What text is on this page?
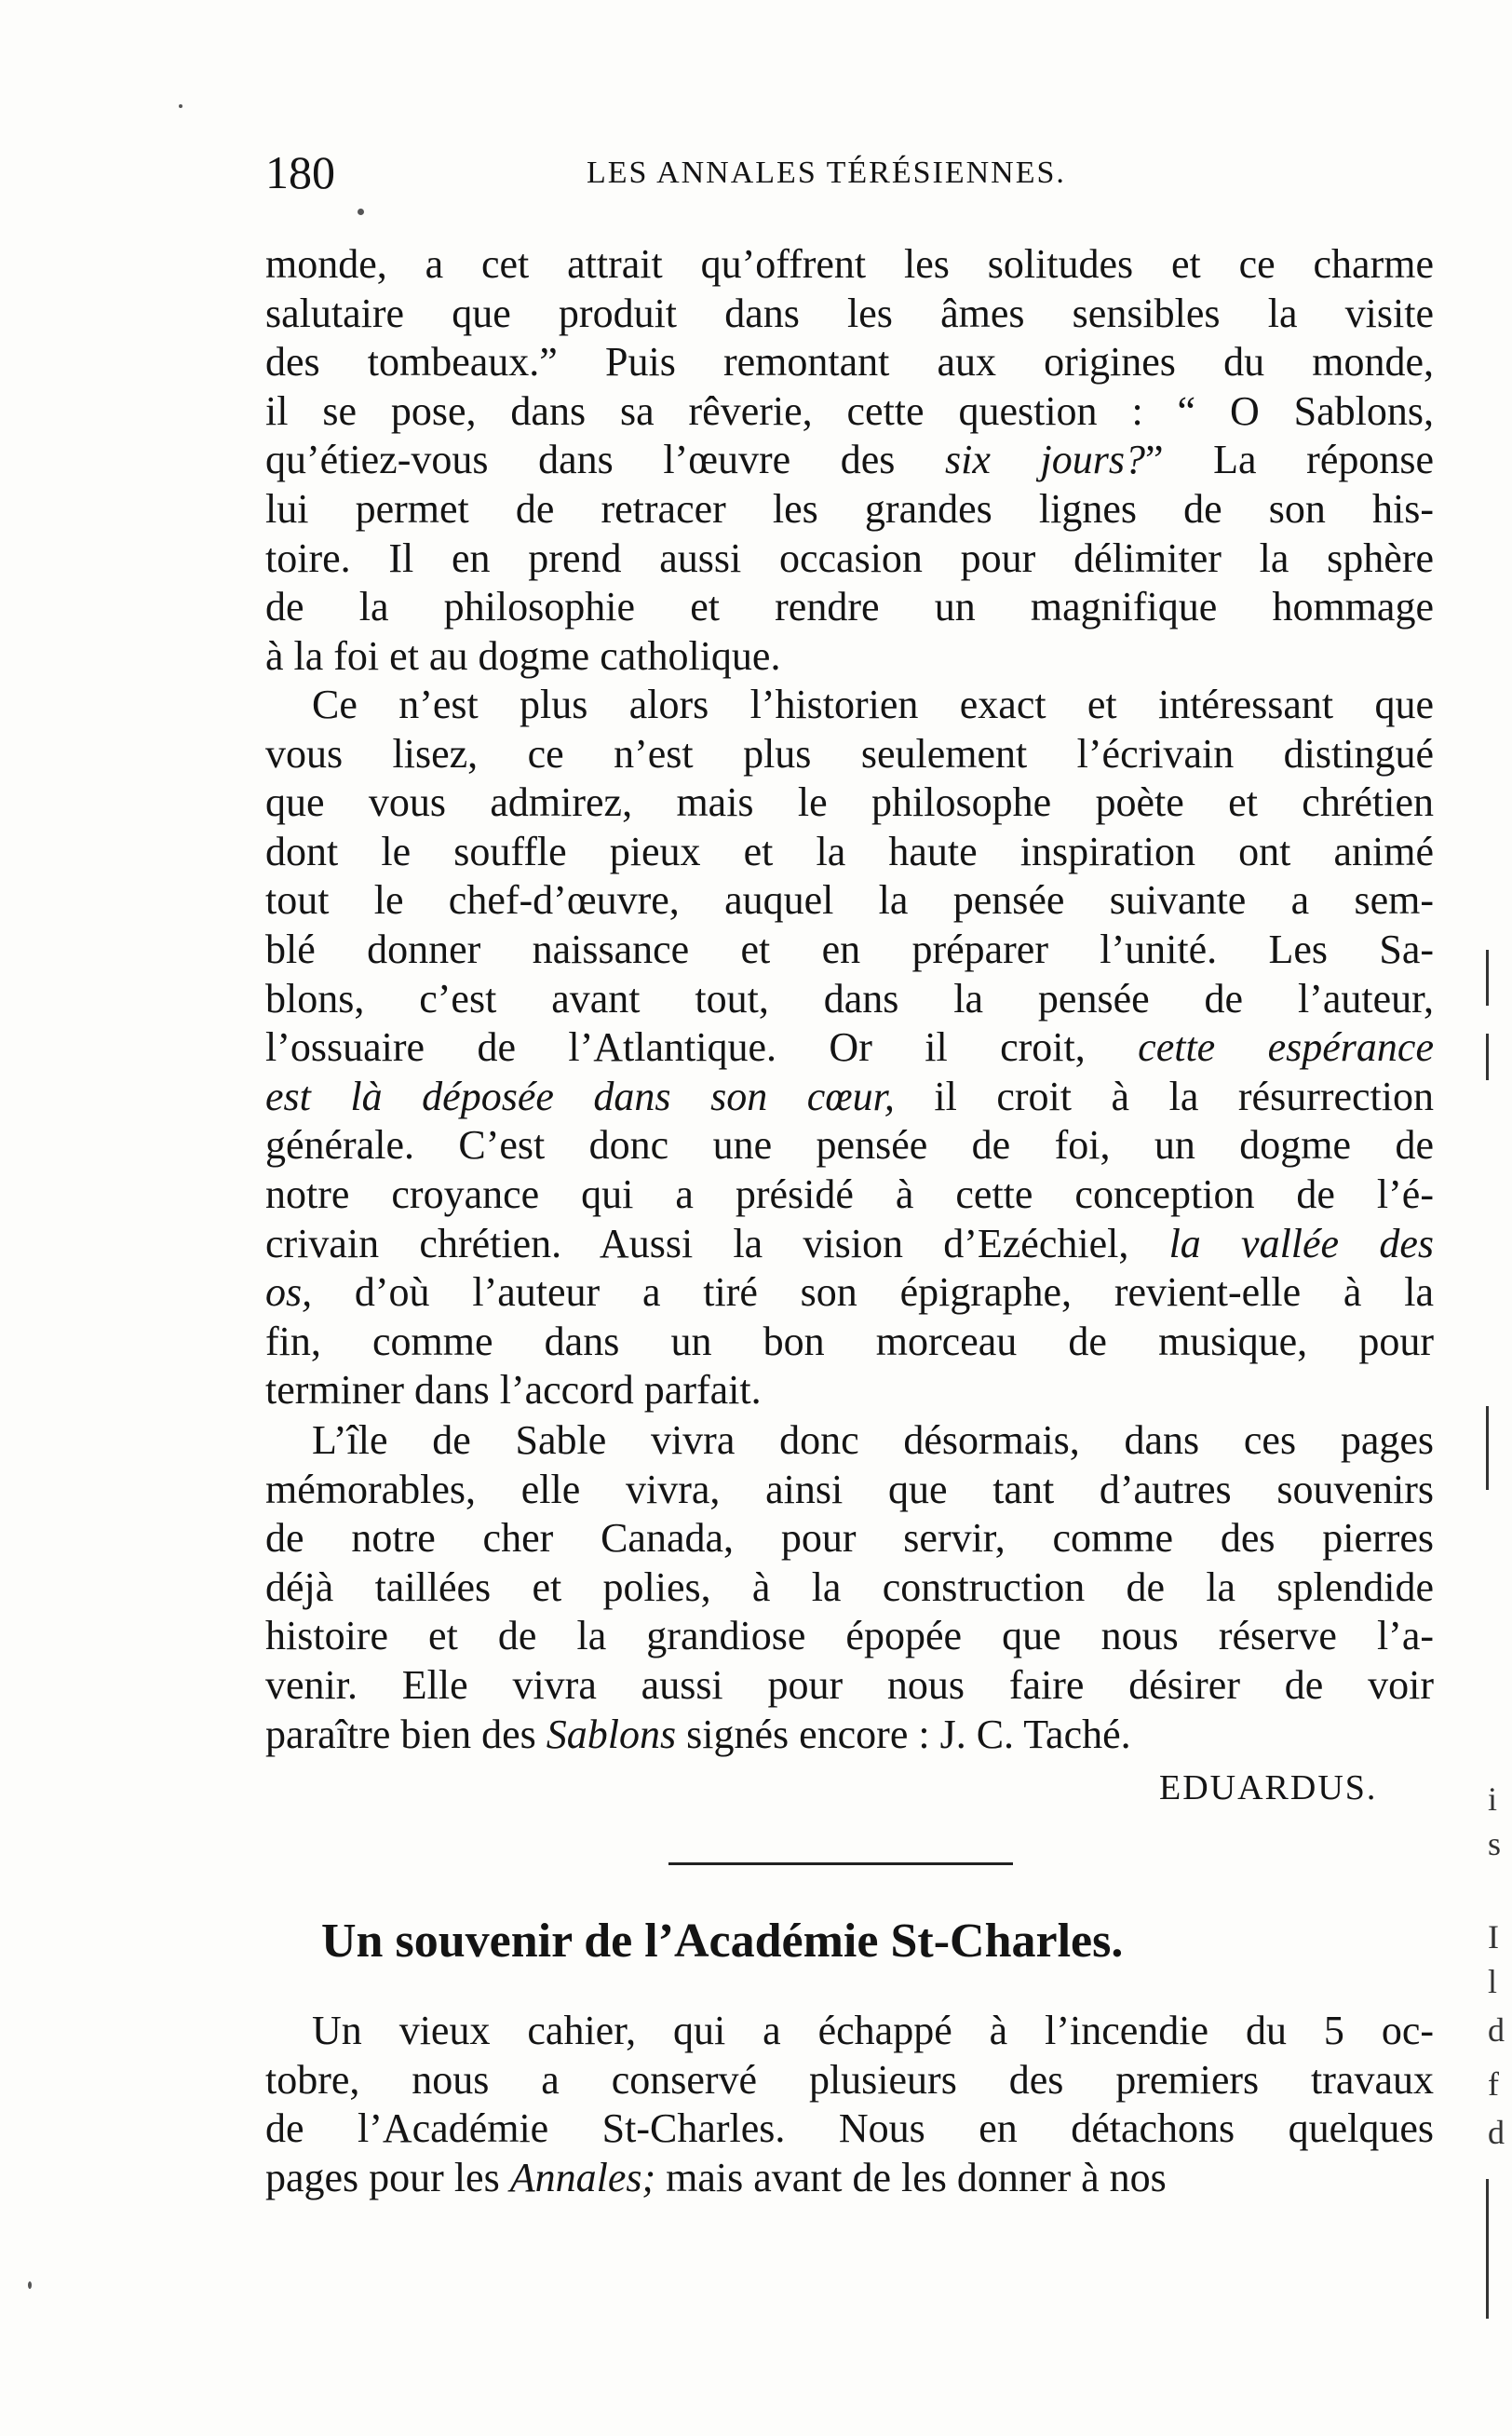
180	LES ANNALES TÉRÉSIENNES.

monde, a cet attrait qu’offrent les solitudes et ce charme
salutaire que produit dans les âmes sensibles la visite
des tombeaux.” Puis remontant aux origines du monde,
il se pose, dans sa rêverie, cette question : “ O Sablons,
qu’étiez-vous dans l’œuvre des six jours?” La réponse
lui permet de retracer les grandes lignes de son his-
toire. Il en prend aussi occasion pour délimiter la sphère
de la philosophie et rendre un magnifique hommage
à la foi et au dogme catholique.

Ce n’est plus alors l’historien exact et intéressant que
vous lisez, ce n’est plus seulement l’écrivain distingué
que vous admirez, mais le philosophe poète et chrétien
dont le souffle pieux et la haute inspiration ont animé
tout le chef-d’œuvre, auquel la pensée suivante a sem-
blé donner naissance et en préparer l’unité. Les Sa-
blons, c’est avant tout, dans la pensée de l’auteur,
l’ossuaire de l’Atlantique. Or il croit, cette espérance
est là déposée dans son cœur, il croit à la résurrection
générale. C’est donc une pensée de foi, un dogme de
notre croyance qui a présidé à cette conception de l’é-
crivain chrétien. Aussi la vision d’Ezéchiel, la vallée des
os, d’où l’auteur a tiré son épigraphe, revient-elle à la
fin, comme dans un bon morceau de musique, pour
terminer dans l’accord parfait.

L’île de Sable vivra donc désormais, dans ces pages
mémorables, elle vivra, ainsi que tant d’autres souvenirs
de notre cher Canada, pour servir, comme des pierres
déjà taillées et polies, à la construction de la splendide
histoire et de la grandiose épopée que nous réserve l’a-
venir. Elle vivra aussi pour nous faire désirer de voir
paraître bien des Sablons signés encore : J. C. Taché.

EDUARDUS.
Un souvenir de l’Académie St-Charles.

Un vieux cahier, qui a échappé à l’incendie du 5 oc-
tobre, nous a conservé plusieurs des premiers travaux
de l’Académie St-Charles. Nous en détachons quelques
pages pour les Annales; mais avant de les donner à nos

i
s
I
l
d
f
d
